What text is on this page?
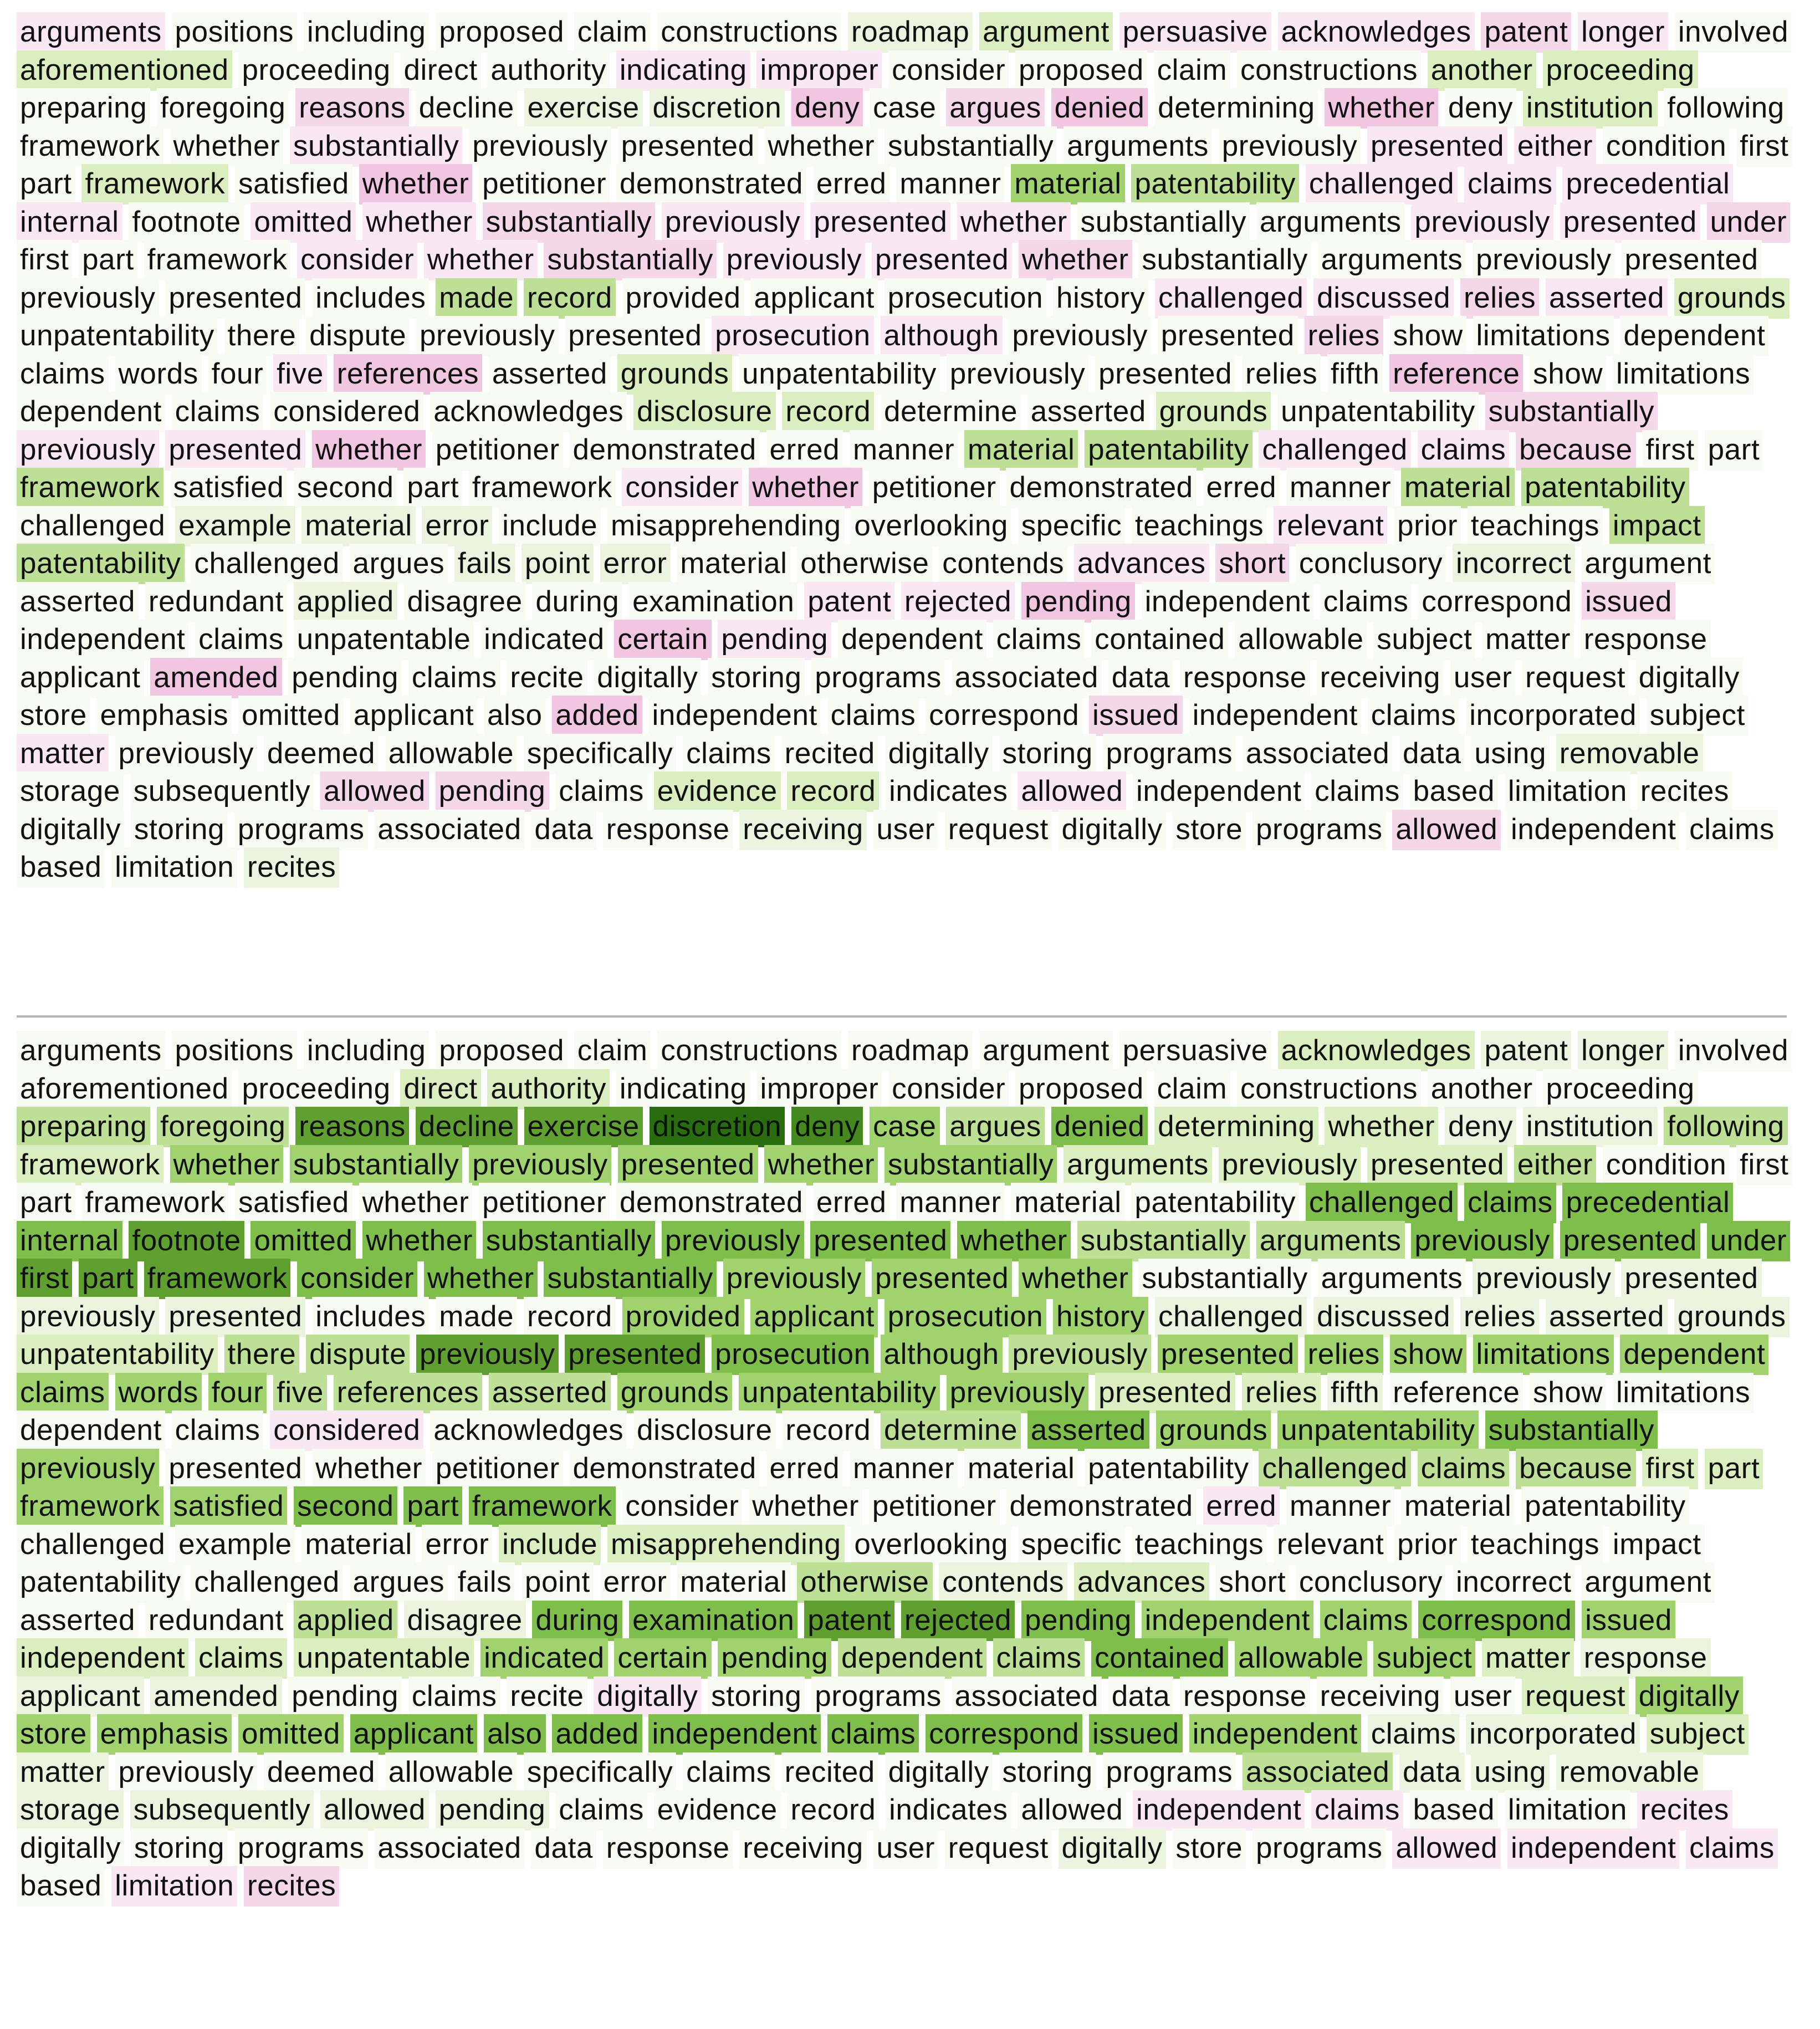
arguments positions including proposed claim constructions roadmap argument persuasive acknowledges patent longer involved aforementioned proceeding direct authority indicating improper consider proposed claim constructions another proceeding preparing foregoing reasons decline exercise discretion deny case argues denied determining whether deny institution following framework whether substantially previously presented whether substantially arguments previously presented either condition first part framework satisfied whether petitioner demonstrated erred manner material patentability challenged claims precedential internal footnote omitted whether substantially previously presented whether substantially arguments previously presented under first part framework consider whether substantially previously presented whether substantially arguments previously presented previously presented includes made record provided applicant prosecution history challenged discussed relies asserted grounds unpatentability there dispute previously presented prosecution although previously presented relies show limitations dependent claims words four five references asserted grounds unpatentability previously presented relies fifth reference show limitations dependent claims considered acknowledges disclosure record determine asserted grounds unpatentability substantially previously presented whether petitioner demonstrated erred manner material patentability challenged claims because first part framework satisfied second part framework consider whether petitioner demonstrated erred manner material patentability challenged example material error include misapprehending overlooking specific teachings relevant prior teachings impact patentability challenged argues fails point error material otherwise contends advances short conclusory incorrect argument asserted redundant applied disagree during examination patent rejected pending independent claims correspond issued independent claims unpatentable indicated certain pending dependent claims contained allowable subject matter response applicant amended pending claims recite digitally storing programs associated data response receiving user request digitally store emphasis omitted applicant also added independent claims correspond issued independent claims incorporated subject matter previously deemed allowable specifically claims recited digitally storing programs associated data using removable storage subsequently allowed pending claims evidence record indicates allowed independent claims based limitation recites digitally storing programs associated data response receiving user request digitally store programs allowed independent claims based limitation recites
arguments positions including proposed claim constructions roadmap argument persuasive acknowledges patent longer involved aforementioned proceeding direct authority indicating improper consider proposed claim constructions another proceeding preparing foregoing reasons decline exercise discretion deny case argues denied determining whether deny institution following framework whether substantially previously presented whether substantially arguments previously presented either condition first part framework satisfied whether petitioner demonstrated erred manner material patentability challenged claims precedential internal footnote omitted whether substantially previously presented whether substantially arguments previously presented under first part framework consider whether substantially previously presented whether substantially arguments previously presented previously presented includes made record provided applicant prosecution history challenged discussed relies asserted grounds unpatentability there dispute previously presented prosecution although previously presented relies show limitations dependent claims words four five references asserted grounds unpatentability previously presented relies fifth reference show limitations dependent claims considered acknowledges disclosure record determine asserted grounds unpatentability substantially previously presented whether petitioner demonstrated erred manner material patentability challenged claims because first part framework satisfied second part framework consider whether petitioner demonstrated erred manner material patentability challenged example material error include misapprehending overlooking specific teachings relevant prior teachings impact patentability challenged argues fails point error material otherwise contends advances short conclusory incorrect argument asserted redundant applied disagree during examination patent rejected pending independent claims correspond issued independent claims unpatentable indicated certain pending dependent claims contained allowable subject matter response applicant amended pending claims recite digitally storing programs associated data response receiving user request digitally store emphasis omitted applicant also added independent claims correspond issued independent claims incorporated subject matter previously deemed allowable specifically claims recited digitally storing programs associated data using removable storage subsequently allowed pending claims evidence record indicates allowed independent claims based limitation recites digitally storing programs associated data response receiving user request digitally store programs allowed independent claims based limitation recites
